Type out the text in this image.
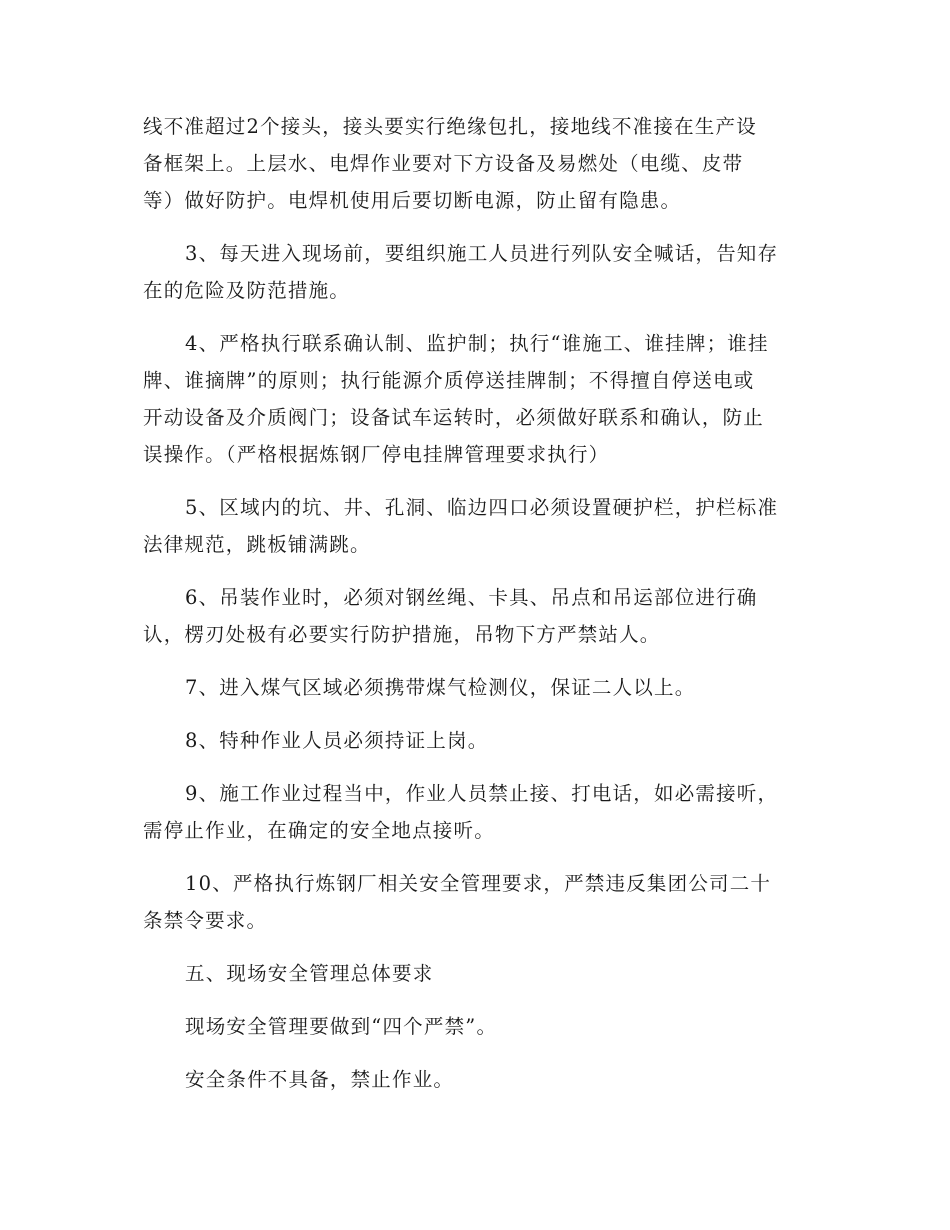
线不准超过2个接头，接头要实行绝缘包扎，接地线不准接在生产设
备框架上。上层水、电焊作业要对下方设备及易燃处（电缆、皮带
等）做好防护。电焊机使用后要切断电源，防止留有隐患。
3、每天进入现场前，要组织施工人员进行列队安全喊话，告知存
在的危险及防范措施。
4、严格执行联系确认制、监护制；执行“谁施工、谁挂牌；谁挂
牌、谁摘牌”的原则；执行能源介质停送挂牌制；不得擅自停送电或
开动设备及介质阀门；设备试车运转时，必须做好联系和确认，防止
误操作。（严格根据炼钢厂停电挂牌管理要求执行）
5、区域内的坑、井、孔洞、临边四口必须设置硬护栏，护栏标准
法律规范，跳板铺满跳。
6、吊装作业时，必须对钢丝绳、卡具、吊点和吊运部位进行确
认，楞刃处极有必要实行防护措施，吊物下方严禁站人。
7、进入煤气区域必须携带煤气检测仪，保证二人以上。
8、特种作业人员必须持证上岗。
9、施工作业过程当中，作业人员禁止接、打电话，如必需接听，
需停止作业，在确定的安全地点接听。
10、严格执行炼钢厂相关安全管理要求，严禁违反集团公司二十
条禁令要求。
五、现场安全管理总体要求
现场安全管理要做到“四个严禁”。
安全条件不具备，禁止作业。
